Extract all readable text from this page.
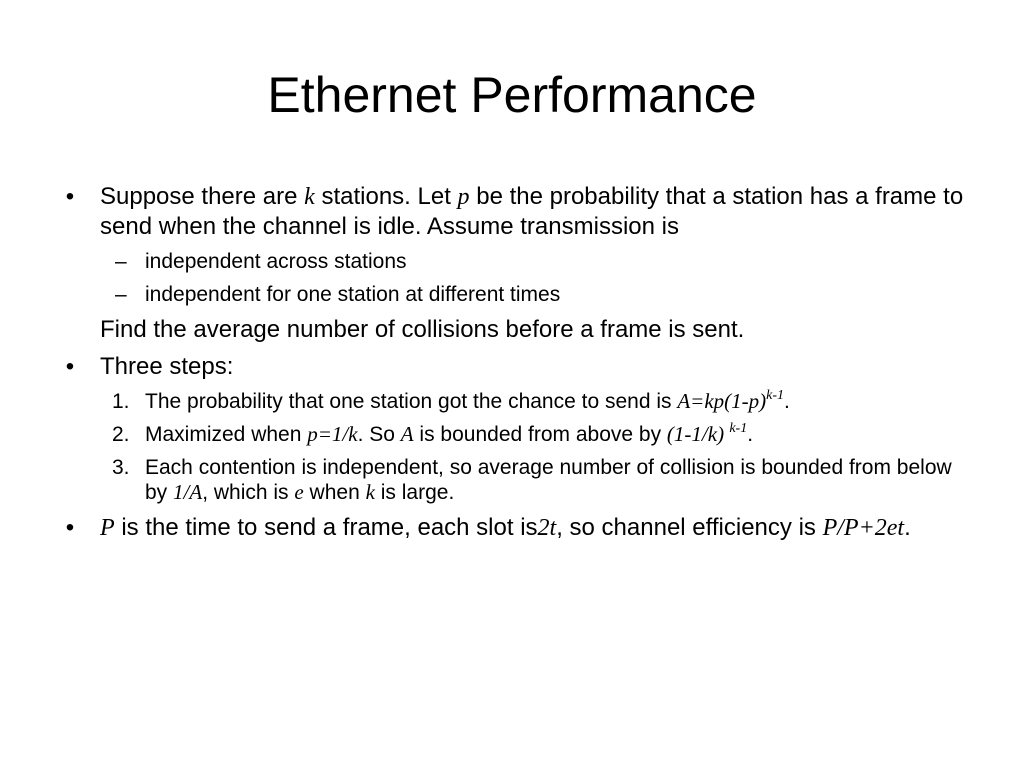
Ethernet Performance
• Suppose there are k stations. Let p be the probability that a station has a frame to send when the channel is idle. Assume transmission is
– independent across stations
– independent for one station at different times
Find the average number of collisions before a frame is sent.
• Three steps:
1. The probability that one station got the chance to send is $A=kp(1-p)^{k-1}$.
2. Maximized when p=1/k. So A is bounded from above by (1-1/k) $^{k-1}$.
3. Each contention is independent, so average number of collision is bounded from below by 1/A, which is e when k is large.
• P is the time to send a frame, each slot is2t, so channel efficiency is P/P+2et.
